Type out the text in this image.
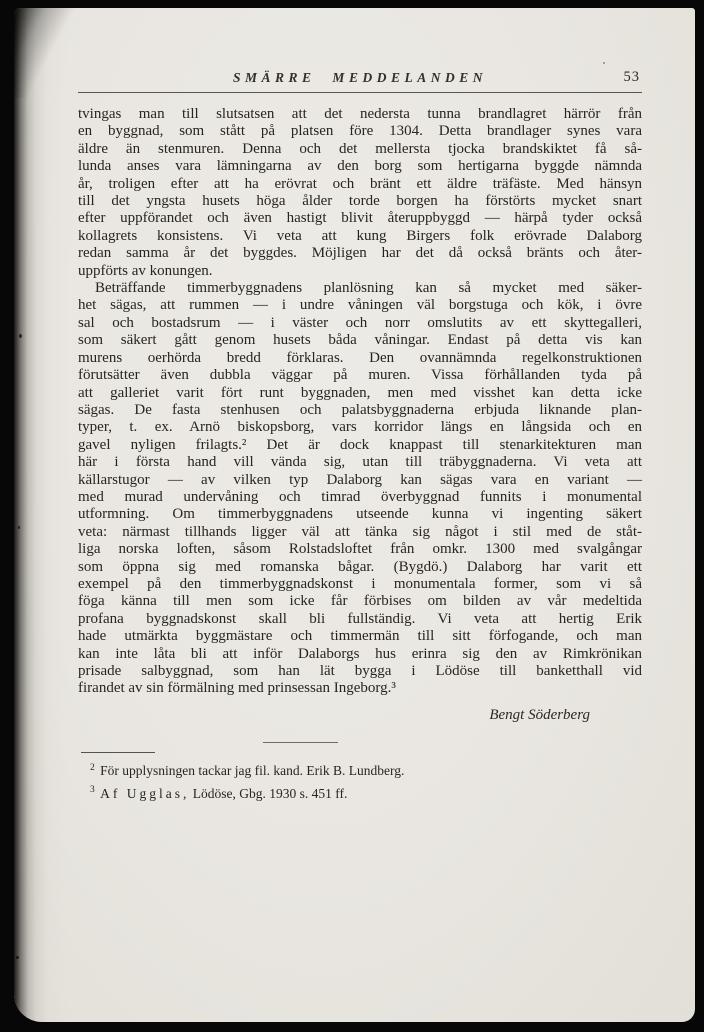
SMÄRRE MEDDELANDEN	53
tvingas man till slutsatsen att det nedersta tunna brandlagret härrör från
en byggnad, som stått på platsen före 1304. Detta brandlager synes vara
äldre än stenmuren. Denna och det mellersta tjocka brandskiktet få så-
lunda anses vara lämningarna av den borg som hertigarna byggde nämnda
år, troligen efter att ha erövrat och bränt ett äldre träfäste. Med hänsyn
till det yngsta husets höga ålder torde borgen ha förstörts mycket snart
efter uppförandet och även hastigt blivit återuppbyggd — härpå tyder också
kollagrets konsistens. Vi veta att kung Birgers folk erövrade Dalaborg
redan samma år det byggdes. Möjligen har det då också bränts och åter-
uppförts av konungen.
Beträffande timmerbyggnadens planlösning kan så mycket med säker-
het sägas, att rummen — i undre våningen väl borgstuga och kök, i övre
sal och bostadsrum — i väster och norr omslutits av ett skyttegalleri,
som säkert gått genom husets båda våningar. Endast på detta vis kan
murens oerhörda bredd förklaras. Den ovannämnda regelkonstruktionen
förutsätter även dubbla väggar på muren. Vissa förhållanden tyda på
att galleriet varit fört runt byggnaden, men med visshet kan detta icke
sägas. De fasta stenhusen och palatsbyggnaderna erbjuda liknande plan-
typer, t. ex. Arnö biskopsborg, vars korridor längs en långsida och en
gavel nyligen frilagts.² Det är dock knappast till stenarkitekturen man
här i första hand vill vända sig, utan till träbyggnaderna. Vi veta att
källarstugor — av vilken typ Dalaborg kan sägas vara en variant —
med murad undervåning och timrad överbyggnad funnits i monumental
utformning. Om timmerbyggnadens utseende kunna vi ingenting säkert
veta: närmast tillhands ligger väl att tänka sig något i stil med de ståt-
liga norska loften, såsom Rolstadsloftet från omkr. 1300 med svalgångar
som öppna sig med romanska bågar. (Bygdö.) Dalaborg har varit ett
exempel på den timmerbyggnadskonst i monumentala former, som vi så
föga känna till men som icke får förbises om bilden av vår medeltida
profana byggnadskonst skall bli fullständig. Vi veta att hertig Erik
hade utmärkta byggmästare och timmermän till sitt förfogande, och man
kan inte låta bli att inför Dalaborgs hus erinra sig den av Rimkrönikan
prisade salbyggnad, som han lät bygga i Lödöse till banketthall vid
firandet av sin förmälning med prinsessan Ingeborg.³
Bengt Söderberg
$^2$ För upplysningen tackar jag fil. kand. Erik B. Lundberg.
$^3$ Af Ugglas, Lödöse, Gbg. 1930 s. 451 ff.
